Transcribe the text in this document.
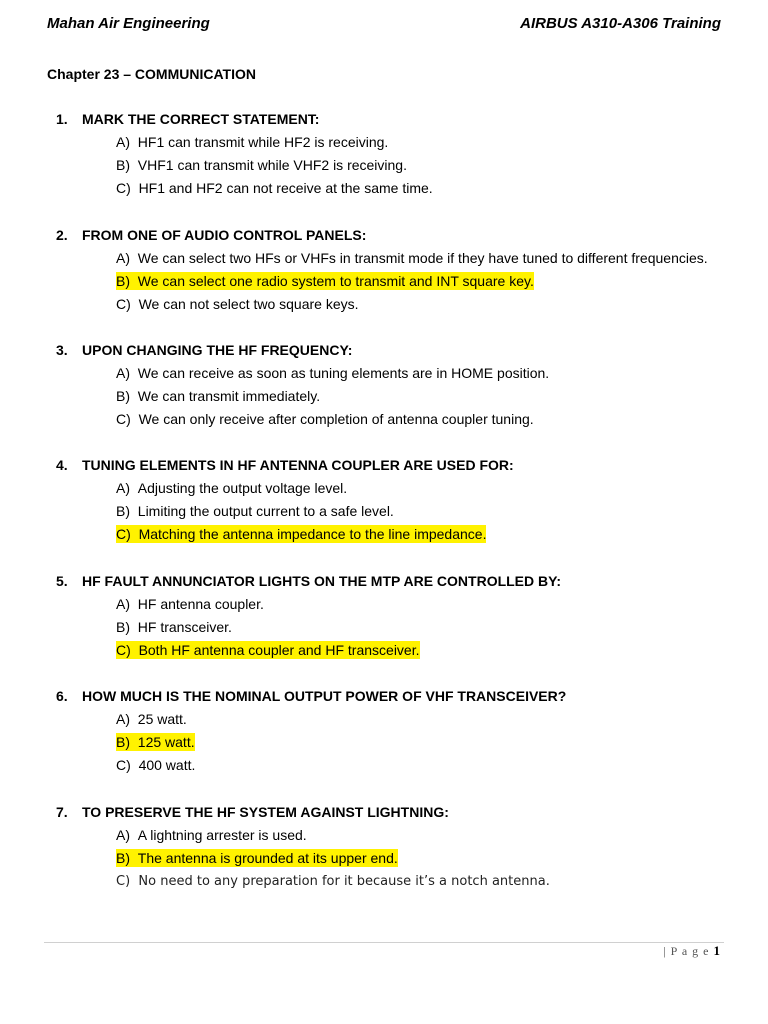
Mahan Air Engineering	AIRBUS A310-A306 Training
Chapter 23 – COMMUNICATION
1. MARK THE CORRECT STATEMENT:
A) HF1 can transmit while HF2 is receiving.
B) VHF1 can transmit while VHF2 is receiving.
C) HF1 and HF2 can not receive at the same time.
2. FROM ONE OF AUDIO CONTROL PANELS:
A) We can select two HFs or VHFs in transmit mode if they have tuned to different frequencies.
B) We can select one radio system to transmit and INT square key.
C) We can not select two square keys.
3. UPON CHANGING THE HF FREQUENCY:
A) We can receive as soon as tuning elements are in HOME position.
B) We can transmit immediately.
C) We can only receive after completion of antenna coupler tuning.
4. TUNING ELEMENTS IN HF ANTENNA COUPLER ARE USED FOR:
A) Adjusting the output voltage level.
B) Limiting the output current to a safe level.
C) Matching the antenna impedance to the line impedance.
5. HF FAULT ANNUNCIATOR LIGHTS ON THE MTP ARE CONTROLLED BY:
A) HF antenna coupler.
B) HF transceiver.
C) Both HF antenna coupler and HF transceiver.
6. HOW MUCH IS THE NOMINAL OUTPUT POWER OF VHF TRANSCEIVER?
A) 25 watt.
B) 125 watt.
C) 400 watt.
7. TO PRESERVE THE HF SYSTEM AGAINST LIGHTNING:
A) A lightning arrester is used.
B) The antenna is grounded at its upper end.
C) No need to any preparation for it because it’s a notch antenna.
| P a g e 1
